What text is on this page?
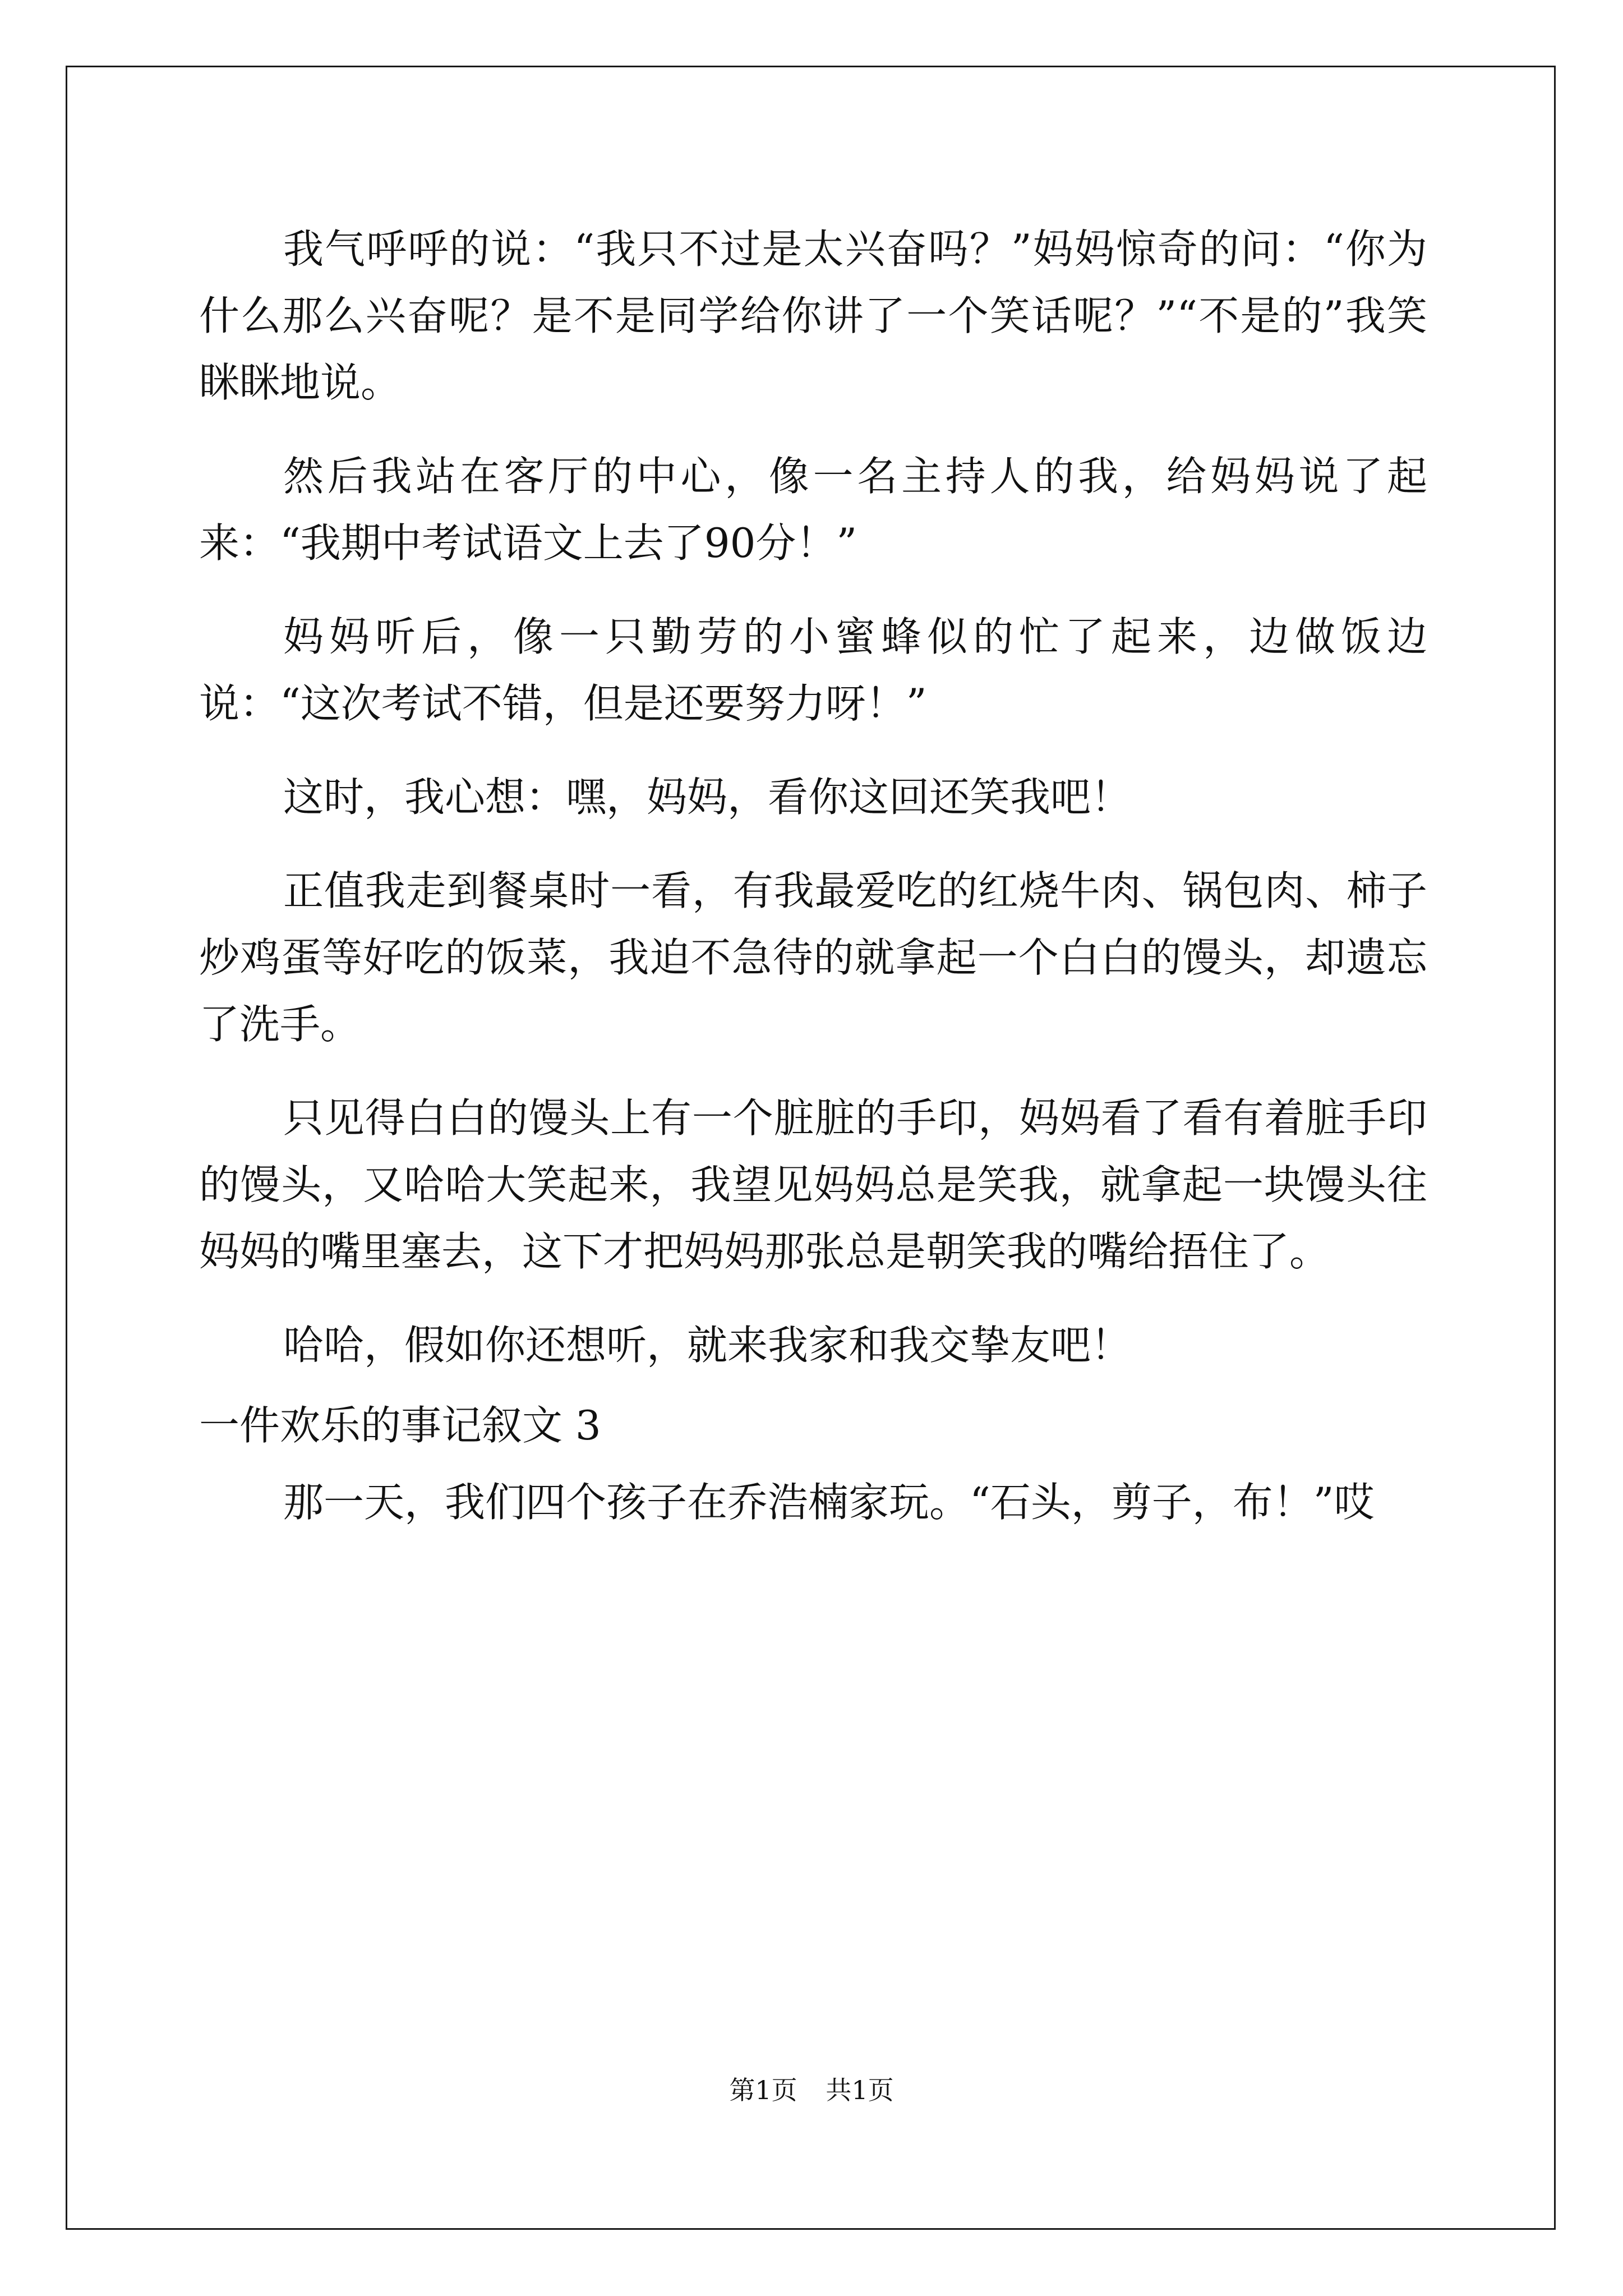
我气呼呼的说：“我只不过是太兴奋吗？”妈妈惊奇的问：“你为什么那么兴奋呢？是不是同学给你讲了一个笑话呢？”“不是的”我笑眯眯地说。

然后我站在客厅的中心，像一名主持人的我，给妈妈说了起来：“我期中考试语文上去了90分！”

妈妈听后，像一只勤劳的小蜜蜂似的忙了起来，边做饭边说：“这次考试不错，但是还要努力呀！”

这时，我心想：嘿，妈妈，看你这回还笑我吧！

正值我走到餐桌时一看，有我最爱吃的红烧牛肉、锅包肉、柿子炒鸡蛋等好吃的饭菜，我迫不急待的就拿起一个白白的馒头，却遗忘了洗手。

只见得白白的馒头上有一个脏脏的手印，妈妈看了看有着脏手印的馒头，又哈哈大笑起来，我望见妈妈总是笑我，就拿起一块馒头往妈妈的嘴里塞去，这下才把妈妈那张总是朝笑我的嘴给捂住了。

哈哈，假如你还想听，就来我家和我交挚友吧！

一件欢乐的事记叙文 3

那一天，我们四个孩子在乔浩楠家玩。“石头，剪子，布！”哎

第1页 共1页
